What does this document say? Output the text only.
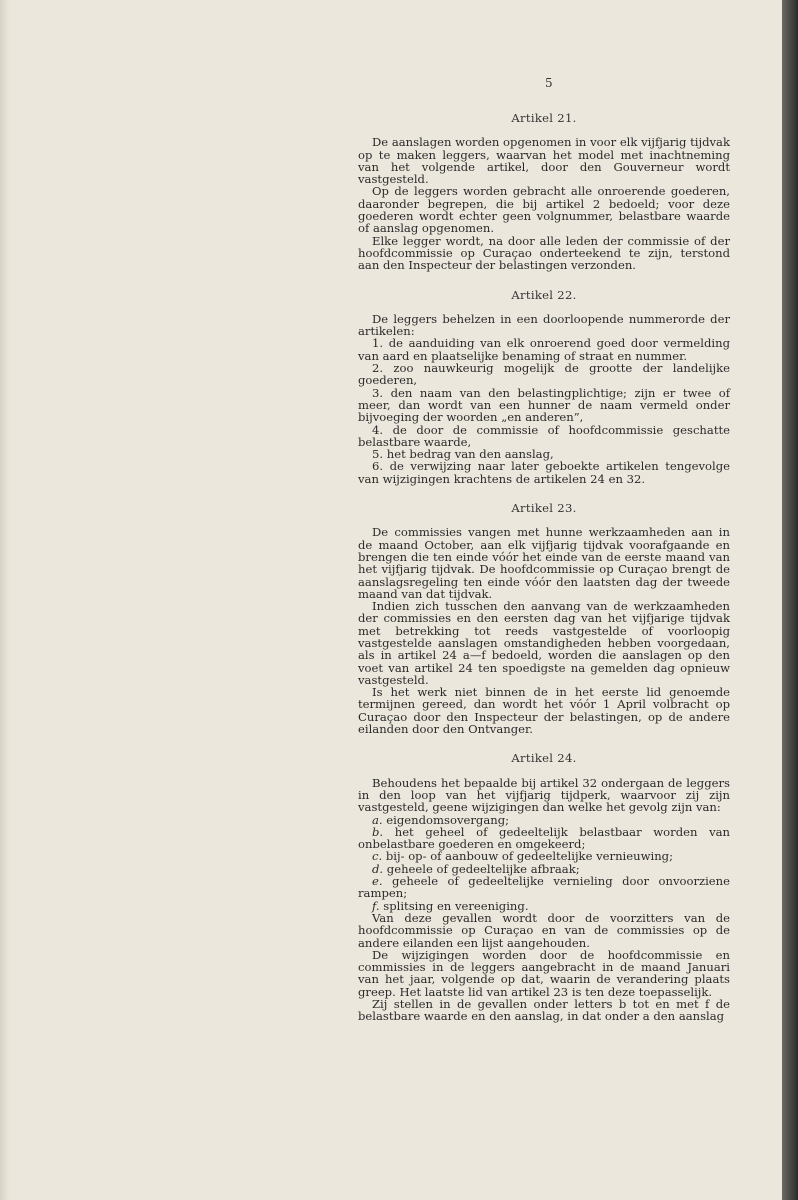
5
Artikel 21.

De aanslagen worden opgenomen in voor elk vijfjarig tijdvak op te maken leggers, waarvan het model met inachtneming van het volgende artikel, door den Gouverneur wordt vastgesteld.

Op de leggers worden gebracht alle onroerende goederen, daaronder begrepen, die bij artikel 2 bedoeld; voor deze goederen wordt echter geen volgnummer, belastbare waarde of aanslag opgenomen.

Elke legger wordt, na door alle leden der commissie of der hoofdcommissie op Curaçao onderteekend te zijn, terstond aan den Inspecteur der belastingen verzonden.

Artikel 22.

De leggers behelzen in een doorloopende nummerorde der artikelen:

1. de aanduiding van elk onroerend goed door vermelding van aard en plaatselijke benaming of straat en nummer.

2. zoo nauwkeurig mogelijk de grootte der landelijke goederen,

3. den naam van den belastingplichtige; zijn er twee of meer, dan wordt van een hunner de naam vermeld onder bijvoeging der woorden „en anderen”,

4. de door de commissie of hoofdcommissie geschatte belastbare waarde,

5. het bedrag van den aanslag,

6. de verwijzing naar later geboekte artikelen tengevolge van wijzigingen krachtens de artikelen 24 en 32.

Artikel 23.

De commissies vangen met hunne werkzaamheden aan in de maand October, aan elk vijfjarig tijdvak voorafgaande en brengen die ten einde vóór het einde van de eerste maand van het vijfjarig tijdvak. De hoofdcommissie op Curaçao brengt de aanslagsregeling ten einde vóór den laatsten dag der tweede maand van dat tijdvak.

Indien zich tusschen den aanvang van de werkzaamheden der commissies en den eersten dag van het vijfjarige tijdvak met betrekking tot reeds vastgestelde of voorloopig vastgestelde aanslagen omstandigheden hebben voorgedaan, als in artikel 24 a—f bedoeld, worden die aanslagen op den voet van artikel 24 ten spoedigste na gemelden dag opnieuw vastgesteld.

Is het werk niet binnen de in het eerste lid genoemde termijnen gereed, dan wordt het vóór 1 April volbracht op Curaçao door den Inspecteur der belastingen, op de andere eilanden door den Ontvanger.

Artikel 24.

Behoudens het bepaalde bij artikel 32 ondergaan de leggers in den loop van het vijfjarig tijdperk, waarvoor zij zijn vastgesteld, geene wijzigingen dan welke het gevolg zijn van:

a. eigendomsovergang;

b. het geheel of gedeeltelijk belastbaar worden van onbelastbare goederen en omgekeerd;

c. bij- op- of aanbouw of gedeeltelijke vernieuwing;

d. geheele of gedeeltelijke afbraak;

e. geheele of gedeeltelijke vernieling door onvoorziene rampen;

f. splitsing en vereeniging.

Van deze gevallen wordt door de voorzitters van de hoofdcommissie op Curaçao en van de commissies op de andere eilanden een lijst aangehouden.

De wijzigingen worden door de hoofdcommissie en commissies in de leggers aangebracht in de maand Januari van het jaar, volgende op dat, waarin de verandering plaats greep. Het laatste lid van artikel 23 is ten deze toepasselijk.

Zij stellen in de gevallen onder letters b tot en met f de belastbare waarde en den aanslag, in dat onder a den aanslag
